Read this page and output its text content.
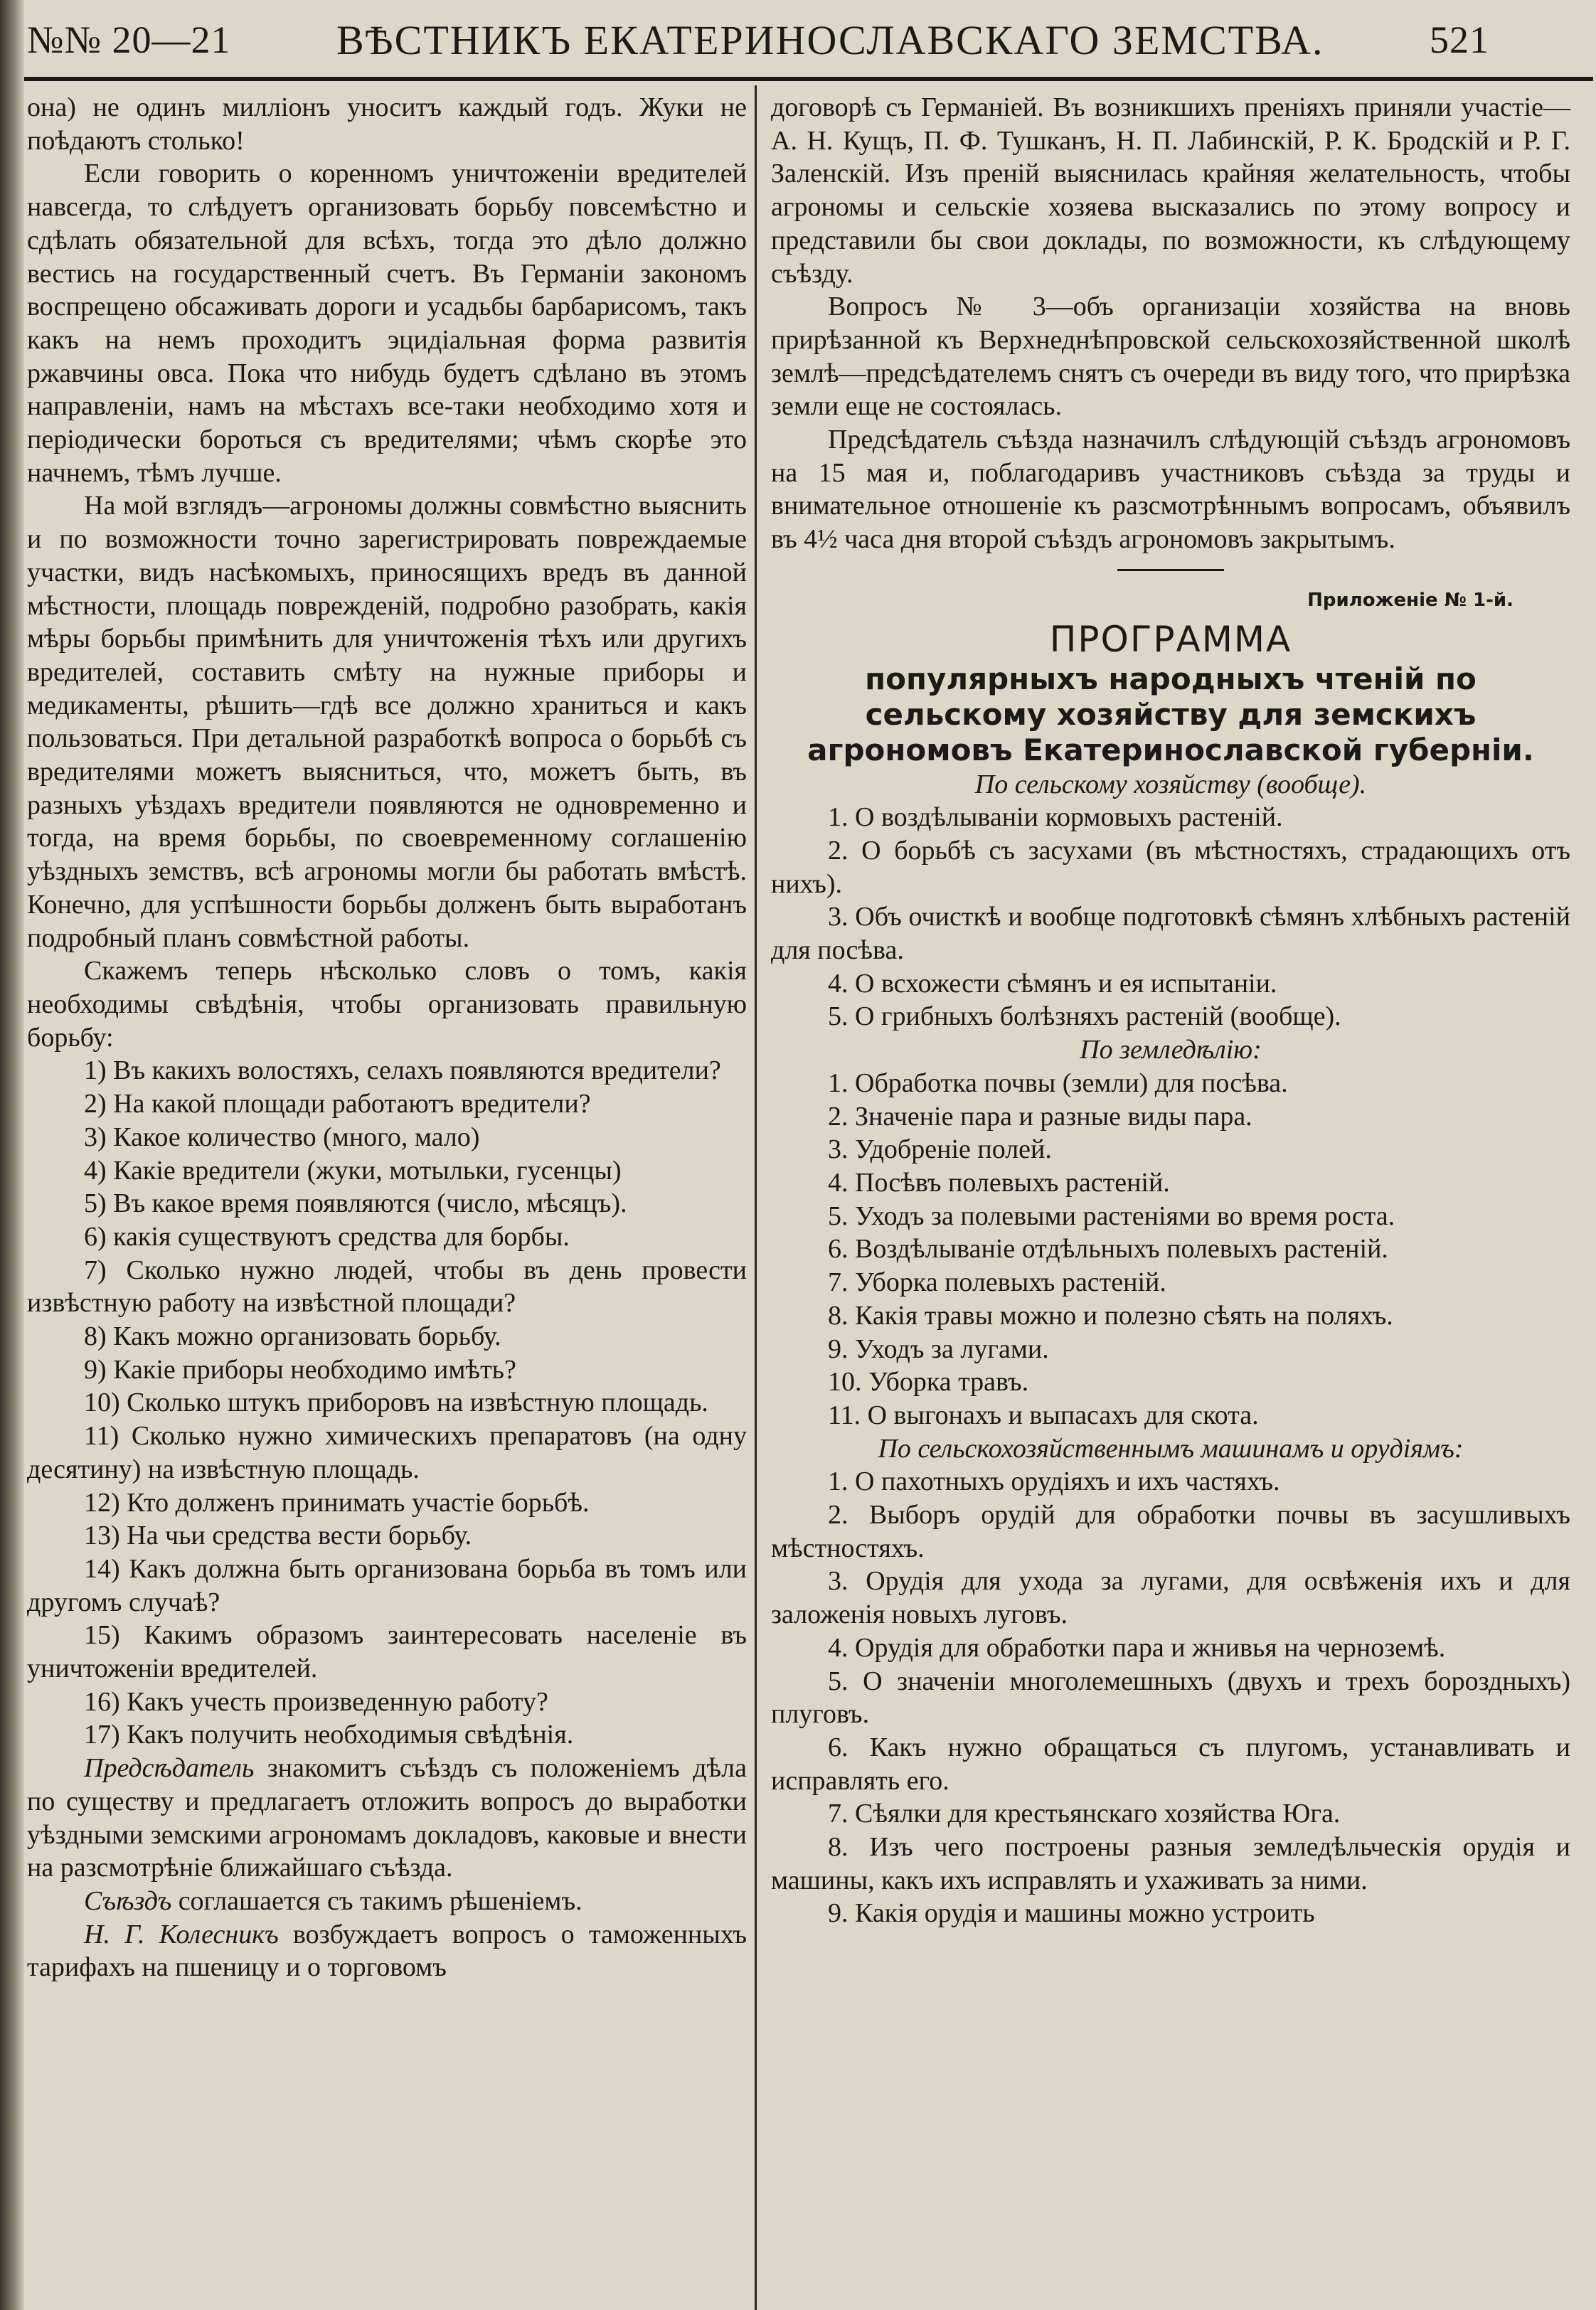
№№ 20—21	ВѢСТНИКЪ ЕКАТЕРИНОСЛАВСКАГО ЗЕМСТВА.	521

она) не одинъ миллiонъ уноситъ каждый годъ. Жуки не поѣдаютъ столько!

Если говорить о коренномъ уничтоженiи вредителей навсегда, то слѣдуетъ организовать борьбу повсемѣстно и сдѣлать обязательной для всѣхъ, тогда это дѣло должно вестись на государственный счетъ. Въ Германiи закономъ воспрещено обсаживать дороги и усадьбы барбарисомъ, такъ какъ на немъ проходитъ эцидiальная форма развитiя ржавчины овса. Пока что нибудь будетъ сдѣлано въ этомъ направленiи, намъ на мѣстахъ все-таки необходимо хотя и перiодически бороться съ вредителями; чѣмъ скорѣе это начнемъ, тѣмъ лучше.

На мой взглядъ—агрономы должны совмѣстно выяснить и по возможности точно зарегистрировать повреждаемые участки, видъ насѣкомыхъ, приносящихъ вредъ въ данной мѣстности, площадь поврежденiй, подробно разобрать, какiя мѣры борьбы примѣнить для уничтоженiя тѣхъ или другихъ вредителей, составить смѣту на нужные приборы и медикаменты, рѣшить—гдѣ все должно храниться и какъ пользоваться. При детальной разработкѣ вопроса о борьбѣ съ вредителями можетъ выясниться, что, можетъ быть, въ разныхъ уѣздахъ вредители появляются не одновременно и тогда, на время борьбы, по своевременному соглашенiю уѣздныхъ земствъ, всѣ агрономы могли бы работать вмѣстѣ. Конечно, для успѣшности борьбы долженъ быть выработанъ подробный планъ совмѣстной работы.

Скажемъ теперь нѣсколько словъ о томъ, какiя необходимы свѣдѣнiя, чтобы организовать правильную борьбу:

1) Въ какихъ волостяхъ, селахъ появляются вредители?

2) На какой площади работаютъ вредители?

3) Какое количество (много, мало)

4) Какiе вредители (жуки, мотыльки, гусенцы)

5) Въ какое время появляются (число, мѣсяцъ).

6) какiя существуютъ средства для борбы.

7) Сколько нужно людей, чтобы въ день провести извѣстную работу на извѣстной площади?

8) Какъ можно организовать борьбу.

9) Какiе приборы необходимо имѣть?

10) Сколько штукъ приборовъ на извѣстную площадь.

11) Сколько нужно химическихъ препаратовъ (на одну десятину) на извѣстную площадь.

12) Кто долженъ принимать участiе борьбѣ.

13) На чьи средства вести борьбу.

14) Какъ должна быть организована борьба въ томъ или другомъ случаѣ?

15) Какимъ образомъ заинтересовать населенiе въ уничтоженiи вредителей.

16) Какъ учесть произведенную работу?

17) Какъ получить необходимыя свѣдѣнiя.

Предсѣдатель знакомитъ съѣздъ съ положенiемъ дѣла по существу и предлагаетъ отложить вопросъ до выработки уѣздными земскими агрономамъ докладовъ, каковые и внести на разсмотрѣнiе ближайшаго съѣзда.

Съѣздъ соглашается съ такимъ рѣшенiемъ.

Н. Г. Колесникъ возбуждаетъ вопросъ о таможенныхъ тарифахъ на пшеницу и о торговомъ

договорѣ съ Германiей. Въ возникшихъ пренiяхъ приняли участiе—А. Н. Кущъ, П. Ф. Тушканъ, Н. П. Лабинскiй, Р. К. Бродскiй и Р. Г. Заленскiй. Изъ пренiй выяснилась крайняя желательность, чтобы агрономы и сельскiе хозяева высказались по этому вопросу и представили бы свои доклады, по возможности, къ слѣдующему съѣзду.

Вопросъ № 3—объ организацiи хозяйства на вновь прирѣзанной къ Верхнеднѣпровской сельскохозяйственной школѣ землѣ—предсѣдателемъ снятъ съ очереди въ виду того, что прирѣзка земли еще не состоялась.

Предсѣдатель съѣзда назначилъ слѣдующiй съѣздъ агрономовъ на 15 мая и, поблагодаривъ участниковъ съѣзда за труды и внимательное отношенiе къ разсмотрѣннымъ вопросамъ, объявилъ въ 4½ часа дня второй съѣздъ агрономовъ закрытымъ.

Приложенiе № 1-й.

ПРОГРАММА

популярныхъ народныхъ чтенiй по сельскому хозяйству для земскихъ агрономовъ Екатеринославской губернiи.

По сельскому хозяйству (вообще).

1. О воздѣлыванiи кормовыхъ растенiй.

2. О борьбѣ съ засухами (въ мѣстностяхъ, страдающихъ отъ нихъ).

3. Объ очисткѣ и вообще подготовкѣ сѣмянъ хлѣбныхъ растенiй для посѣва.

4. О всхожести сѣмянъ и ея испытанiи.

5. О грибныхъ болѣзняхъ растенiй (вообще).

По земледѣлiю:

1. Обработка почвы (земли) для посѣва.

2. Значенiе пара и разные виды пара.

3. Удобренiе полей.

4. Посѣвъ полевыхъ растенiй.

5. Уходъ за полевыми растенiями во время роста.

6. Воздѣлыванiе отдѣльныхъ полевыхъ растенiй.

7. Уборка полевыхъ растенiй.

8. Какiя травы можно и полезно сѣять на поляхъ.

9. Уходъ за лугами.

10. Уборка травъ.

11. О выгонахъ и выпасахъ для скота.

По сельскохозяйственнымъ машинамъ и орудiямъ:

1. О пахотныхъ орудiяхъ и ихъ частяхъ.

2. Выборъ орудiй для обработки почвы въ засушливыхъ мѣстностяхъ.

3. Орудiя для ухода за лугами, для освѣженiя ихъ и для заложенiя новыхъ луговъ.

4. Орудiя для обработки пара и жнивья на черноземѣ.

5. О значенiи многолемешныхъ (двухъ и трехъ бороздныхъ) плуговъ.

6. Какъ нужно обращаться съ плугомъ, устанавливать и исправлять его.

7. Сѣялки для крестьянскаго хозяйства Юга.

8. Изъ чего построены разныя земледѣльческiя орудiя и машины, какъ ихъ исправлять и ухаживать за ними.

9. Какiя орудiя и машины можно устроить
